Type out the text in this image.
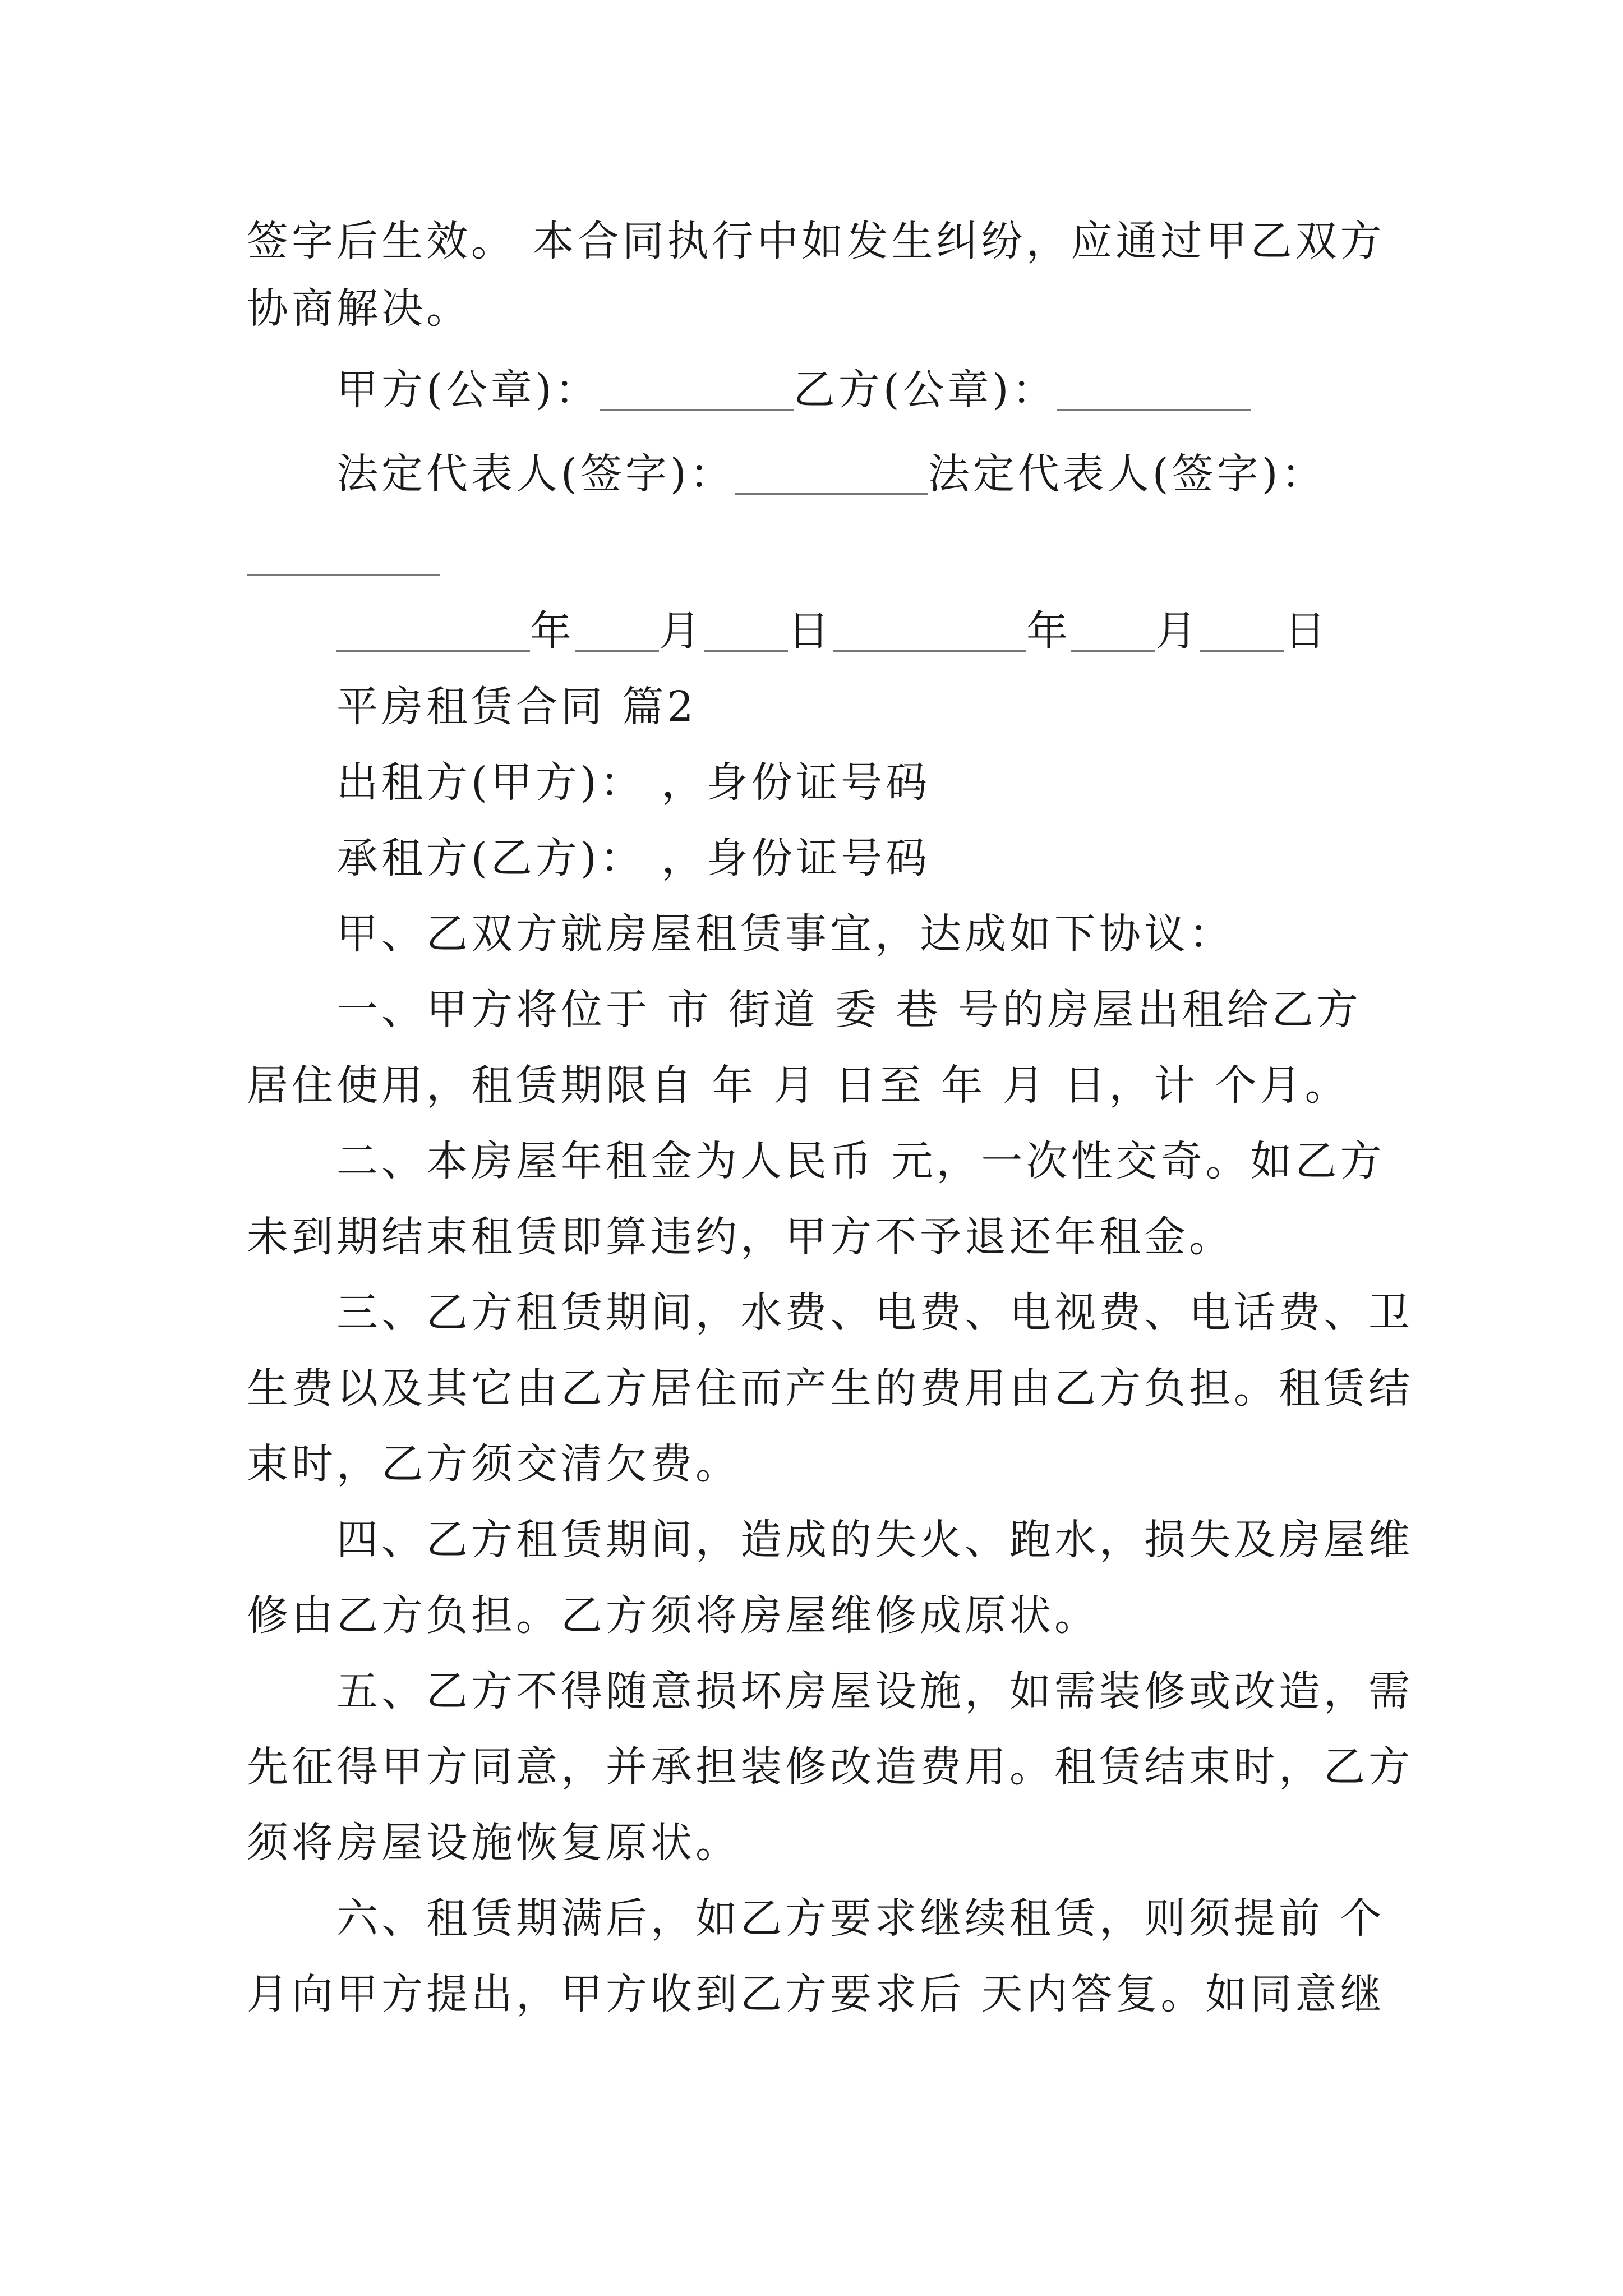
签字后生效。 本合同执行中如发生纠纷，应通过甲乙双方
协商解决。
甲方(公章)：	乙方(公章)：
法定代表人(签字)：	法定代表人(签字)：
年 月 日	年 月 日
平房租赁合同 篇2
出租方(甲方)： ，身份证号码
承租方(乙方)： ，身份证号码
甲、乙双方就房屋租赁事宜，达成如下协议：
一、甲方将位于 市 街道 委 巷 号的房屋出租给乙方
居住使用，租赁期限自 年 月 日至 年 月 日，计 个月。
二、本房屋年租金为人民币 元，一次性交奇。如乙方
未到期结束租赁即算违约，甲方不予退还年租金。
三、乙方租赁期间，水费、电费、电视费、电话费、卫
生费以及其它由乙方居住而产生的费用由乙方负担。租赁结
束时，乙方须交清欠费。
四、乙方租赁期间，造成的失火、跑水，损失及房屋维
修由乙方负担。乙方须将房屋维修成原状。
五、乙方不得随意损坏房屋设施，如需装修或改造，需
先征得甲方同意，并承担装修改造费用。租赁结束时，乙方
须将房屋设施恢复原状。
六、租赁期满后，如乙方要求继续租赁，则须提前 个
月向甲方提出，甲方收到乙方要求后 天内答复。如同意继
